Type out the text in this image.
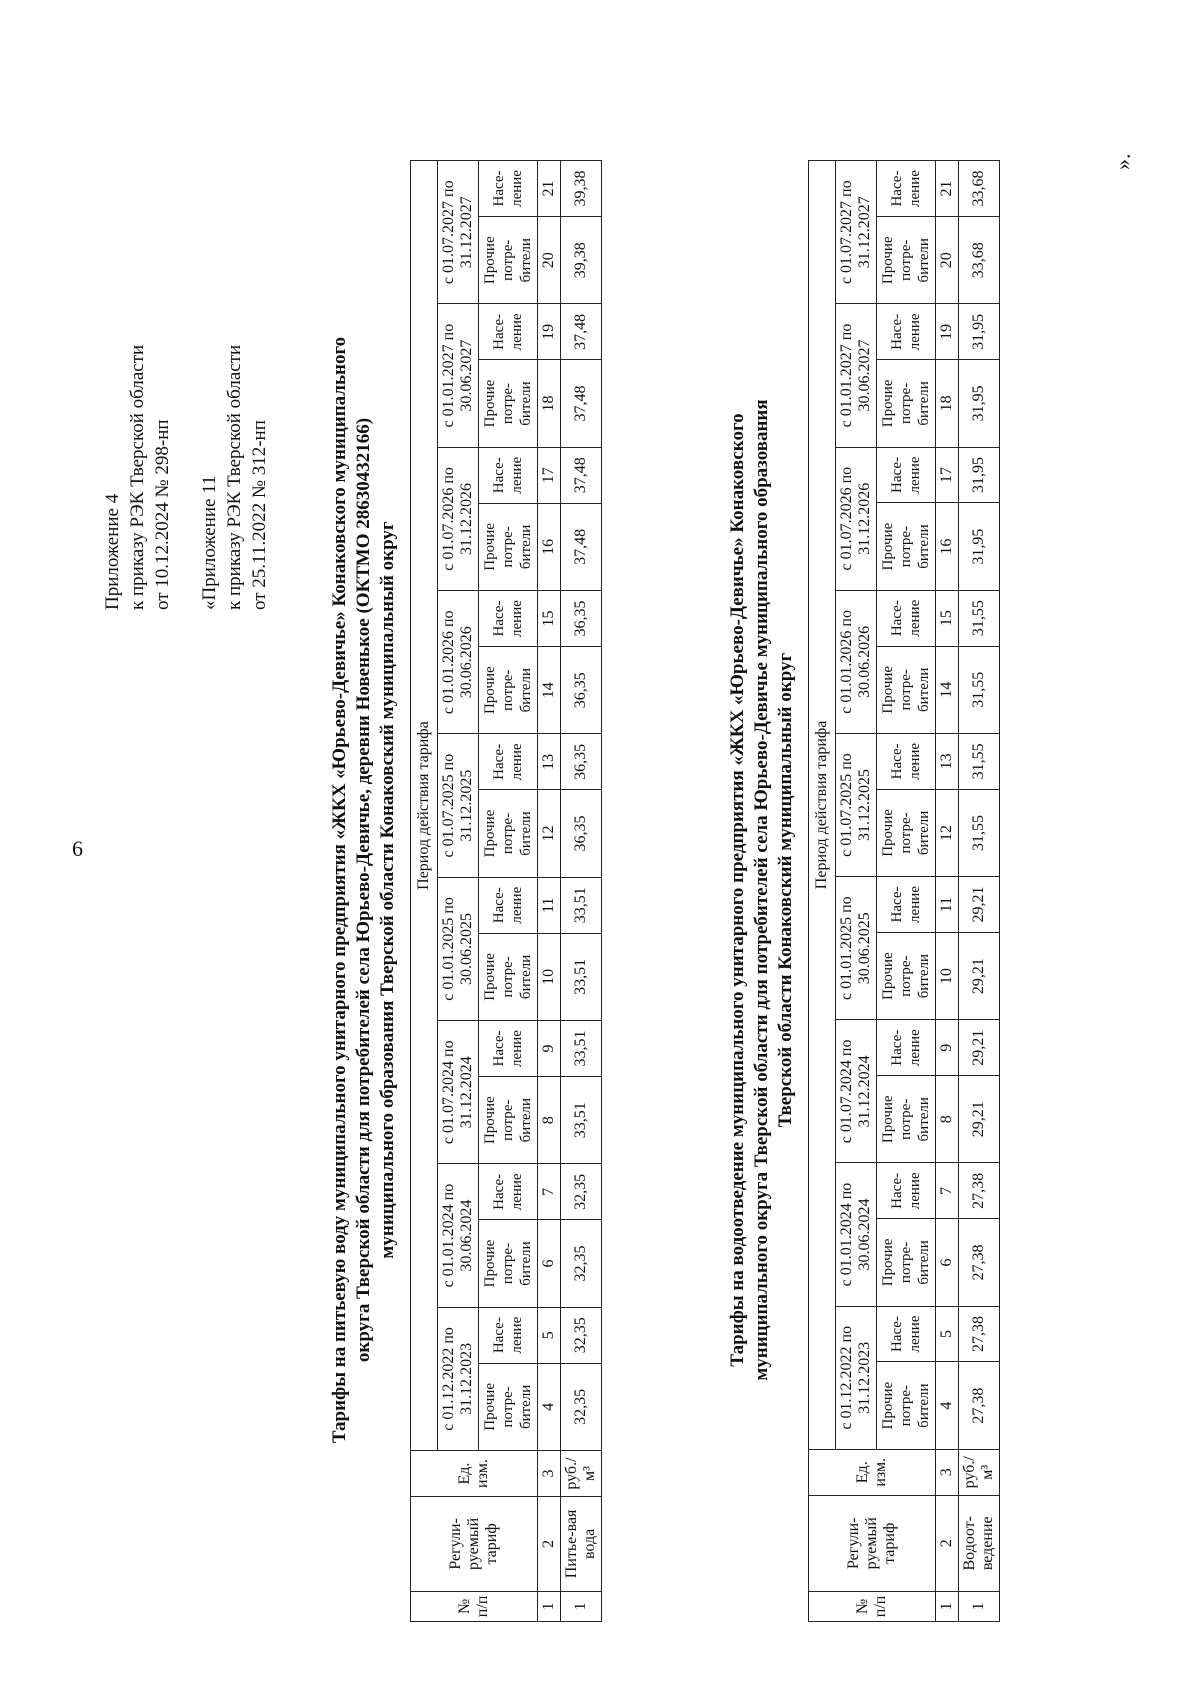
6
Приложение 4 к приказу РЭК Тверской области от 10.12.2024 № 298-нп «Приложение 11 к приказу РЭК Тверской области от 25.11.2022 № 312-нп	Тарифы на питьевую воду муниципального унитарного предприятия «ЖКХ «Юрьево-Девичье» Конаковского муниципального округа Тверской области для потребителей села Юрьево-Девичье, деревни Новенькое (ОКТМО 28630432166) муниципального образования Тверской области Конаковский муниципальный округ
№ п/п	Регули-руемый тариф	Ед. изм.	Период действия тарифа																	
			с 01.12.2022 по 31.12.2023		с 01.01.2024 по 30.06.2024		с 01.07.2024 по 31.12.2024		с 01.01.2025 по 30.06.2025		с 01.07.2025 по 31.12.2025		с 01.01.2026 по 30.06.2026		с 01.07.2026 по 31.12.2026		с 01.01.2027 по 30.06.2027		с 01.07.2027 по 31.12.2027	
			Прочие потре-бители	Насе-ление	Прочие потре-бители	Насе-ление	Прочие потре-бители	Насе-ление	Прочие потре-бители	Насе-ление	Прочие потре-бители	Насе-ление	Прочие потре-бители	Насе-ление	Прочие потре-бители	Насе-ление	Прочие потре-бители	Насе-ление	Прочие потре-бители	Насе-ление
1	2	3	4	5	6	7	8	9	10	11	12	13	14	15	16	17	18	19	20	21
1	Питье-вая вода	руб./м³	32,35	32,35	32,35	32,35	33,51	33,51	33,51	33,51	36,35	36,35	36,35	36,35	37,48	37,48	37,48	37,48	39,38	39,38
Тарифы на водоотведение муниципального унитарного предприятия «ЖКХ «Юрьево-Девичье» Конаковского муниципального округа Тверской области для потребителей села Юрьево-Девичье муниципального образования Тверской области Конаковский муниципальный округ
№ п/п	Регули-руемый тариф	Ед. изм.	Период действия тарифа																	
			с 01.12.2022 по 31.12.2023		с 01.01.2024 по 30.06.2024		с 01.07.2024 по 31.12.2024		с 01.01.2025 по 30.06.2025		с 01.07.2025 по 31.12.2025		с 01.01.2026 по 30.06.2026		с 01.07.2026 по 31.12.2026		с 01.01.2027 по 30.06.2027		с 01.07.2027 по 31.12.2027	
			Прочие потре-бители	Насе-ление	Прочие потре-бители	Насе-ление	Прочие потре-бители	Насе-ление	Прочие потре-бители	Насе-ление	Прочие потре-бители	Насе-ление	Прочие потре-бители	Насе-ление	Прочие потре-бители	Насе-ление	Прочие потре-бители	Насе-ление	Прочие потре-бители	Насе-ление
1	2	3	4	5	6	7	8	9	10	11	12	13	14	15	16	17	18	19	20	21
1	Водоот-ведение	руб./м³	27,38	27,38	27,38	27,38	29,21	29,21	29,21	29,21	31,55	31,55	31,55	31,55	31,95	31,95	31,95	31,95	33,68	33,68
».
